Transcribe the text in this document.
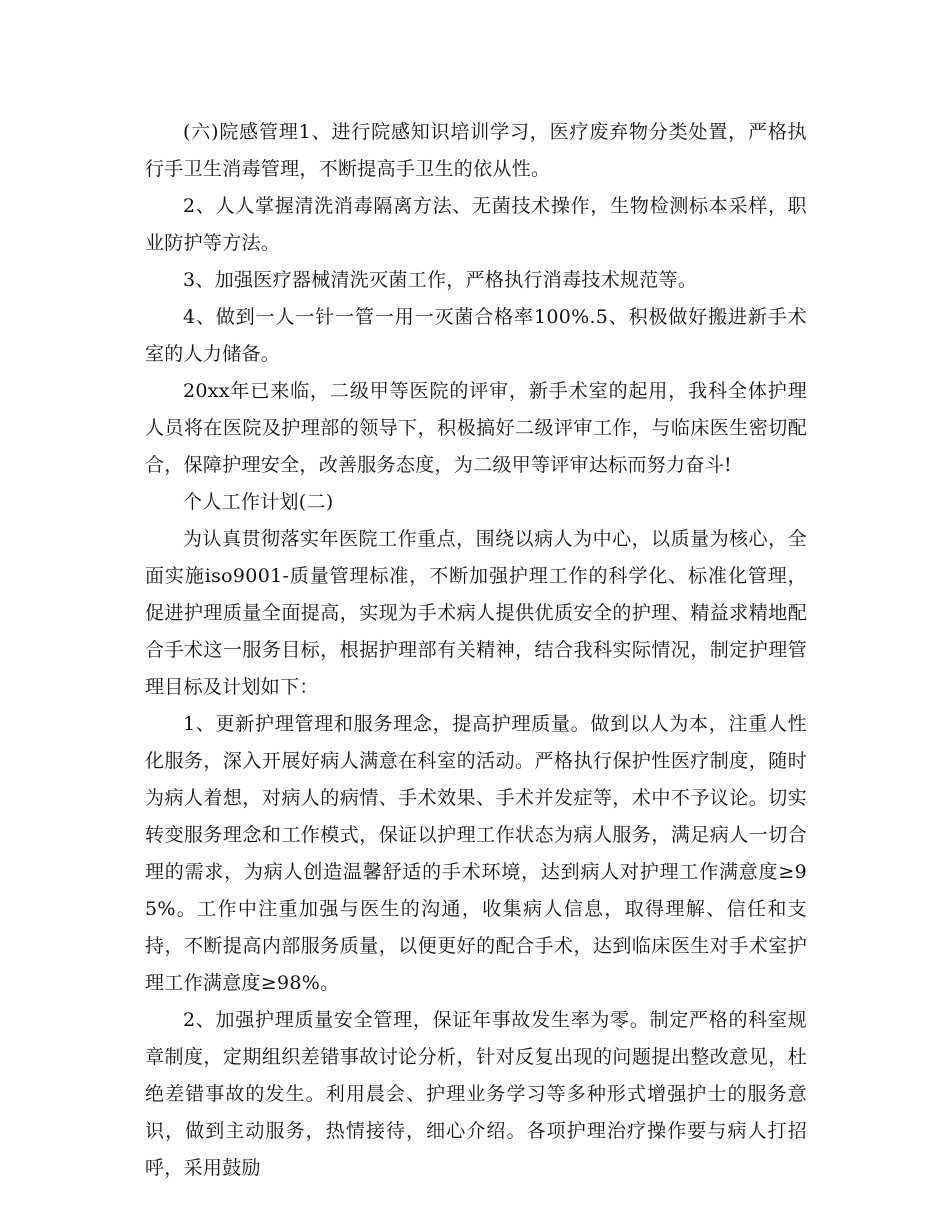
(六)院感管理1、进行院感知识培训学习，医疗废弃物分类处置，严格执行手卫生消毒管理，不断提高手卫生的依从性。

2、人人掌握清洗消毒隔离方法、无菌技术操作，生物检测标本采样，职业防护等方法。

3、加强医疗器械清洗灭菌工作，严格执行消毒技术规范等。

4、做到一人一针一管一用一灭菌合格率100%.5、积极做好搬进新手术室的人力储备。

20xx年已来临，二级甲等医院的评审，新手术室的起用，我科全体护理人员将在医院及护理部的领导下，积极搞好二级评审工作，与临床医生密切配合，保障护理安全，改善服务态度，为二级甲等评审达标而努力奋斗!

个人工作计划(二)

为认真贯彻落实年医院工作重点，围绕以病人为中心，以质量为核心，全面实施iso9001-质量管理标准，不断加强护理工作的科学化、标准化管理，促进护理质量全面提高，实现为手术病人提供优质安全的护理、精益求精地配合手术这一服务目标，根据护理部有关精神，结合我科实际情况，制定护理管理目标及计划如下：

1、更新护理管理和服务理念，提高护理质量。做到以人为本，注重人性化服务，深入开展好病人满意在科室的活动。严格执行保护性医疗制度，随时为病人着想，对病人的病情、手术效果、手术并发症等，术中不予议论。切实转变服务理念和工作模式，保证以护理工作状态为病人服务，满足病人一切合理的需求，为病人创造温馨舒适的手术环境，达到病人对护理工作满意度≥95%。工作中注重加强与医生的沟通，收集病人信息，取得理解、信任和支持，不断提高内部服务质量，以便更好的配合手术，达到临床医生对手术室护理工作满意度≥98%。

2、加强护理质量安全管理，保证年事故发生率为零。制定严格的科室规章制度，定期组织差错事故讨论分析，针对反复出现的问题提出整改意见，杜绝差错事故的发生。利用晨会、护理业务学习等多种形式增强护士的服务意识，做到主动服务，热情接待，细心介绍。各项护理治疗操作要与病人打招呼，采用鼓励
